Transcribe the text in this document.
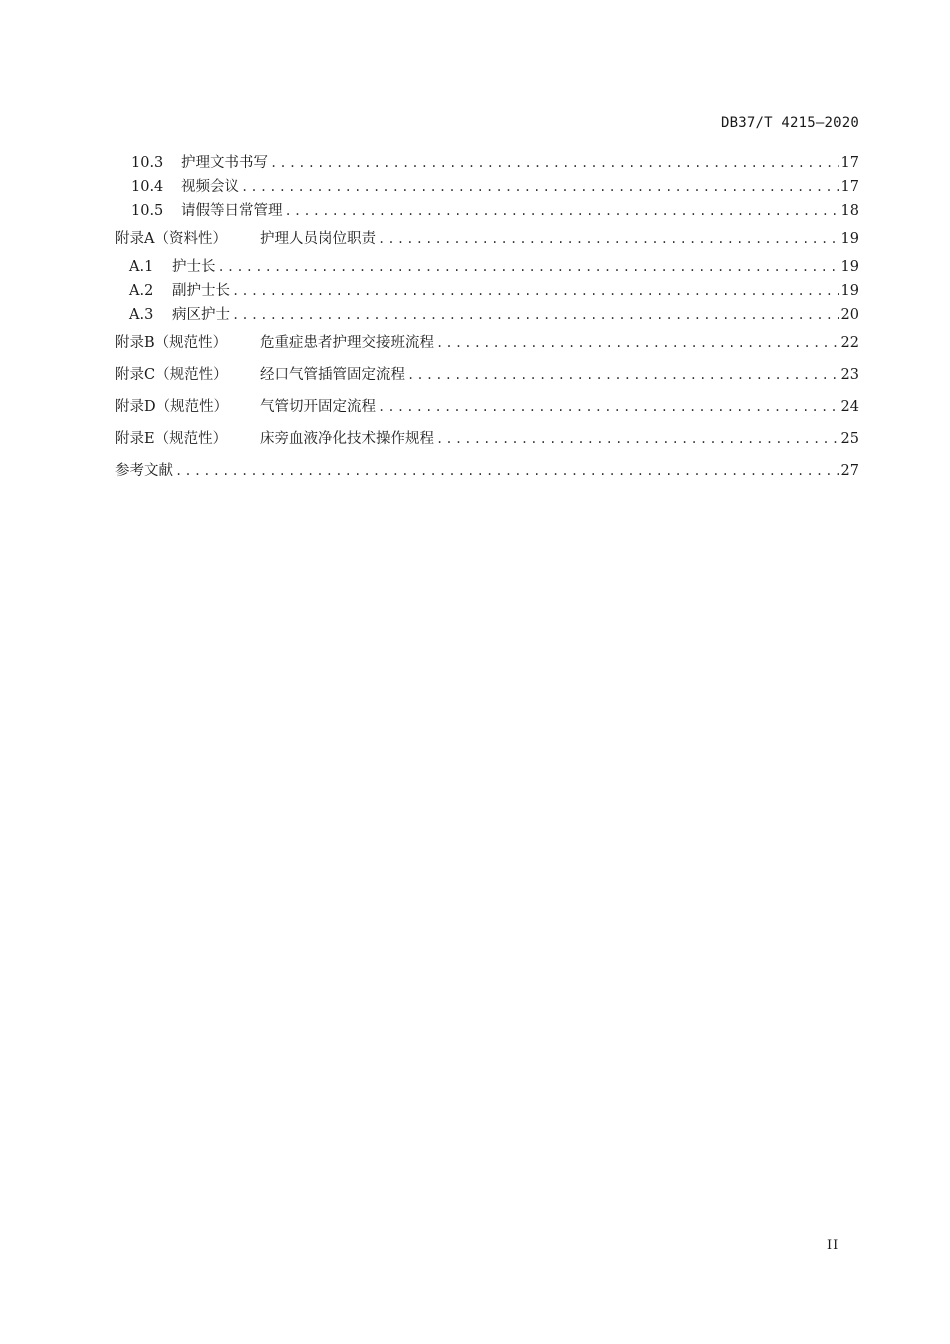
DB37/T 4215—2020
10.3	护理文书书写 .....	17
10.4	视频会议 .....	17
10.5	请假等日常管理 .....	18
附录A（资料性）	护理人员岗位职责 .....	19
A.1	护士长 .....	19
A.2	副护士长 .....	19
A.3	病区护士 .....	20
附录B（规范性）	危重症患者护理交接班流程 .....	22
附录C（规范性）	经口气管插管固定流程 .....	23
附录D（规范性）	气管切开固定流程 .....	24
附录E（规范性）	床旁血液净化技术操作规程 .....	25
参考文献 .....	27
II
